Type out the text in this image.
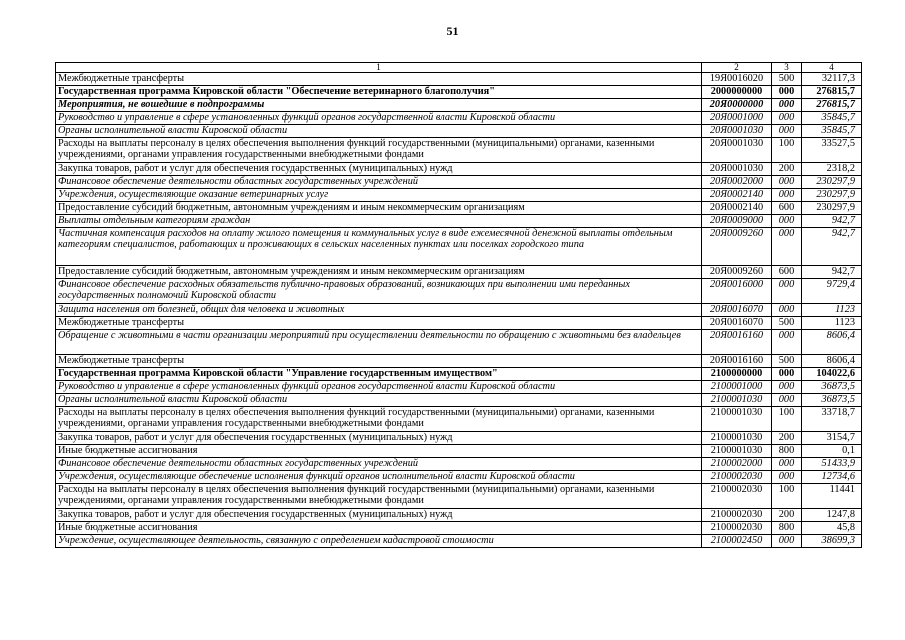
51
1	2	3	4
Межбюджетные трансферты	19Я0016020	500	32117,3
Государственная программа Кировской области "Обеспечение ветеринарного благополучия"	2000000000	000	276815,7
Мероприятия, не вошедшие в подпрограммы	20Я0000000	000	276815,7
Руководство и управление в сфере установленных функций органов государственной власти Кировской области	20Я0001000	000	35845,7
Органы исполнительной власти Кировской области	20Я0001030	000	35845,7
Расходы на выплаты персоналу в целях обеспечения выполнения функций государственными (муниципальными) органами, казенными учреждениями, органами управления государственными внебюджетными фондами	20Я0001030	100	33527,5
Закупка товаров, работ и услуг для обеспечения государственных (муниципальных) нужд	20Я0001030	200	2318,2
Финансовое обеспечение деятельности областных государственных учреждений	20Я0002000	000	230297,9
Учреждения, осуществляющие оказание ветеринарных услуг	20Я0002140	000	230297,9
Предоставление субсидий бюджетным, автономным учреждениям и иным некоммерческим организациям	20Я0002140	600	230297,9
Выплаты отдельным категориям граждан	20Я0009000	000	942,7
Частичная компенсация расходов на оплату жилого помещения и коммунальных услуг в виде ежемесячной денежной выплаты отдельным категориям специалистов, работающих и проживающих в сельских населенных пунктах или поселках городского типа	20Я0009260	000	942,7
Предоставление субсидий бюджетным, автономным учреждениям и иным некоммерческим организациям	20Я0009260	600	942,7
Финансовое обеспечение расходных обязательств публично-правовых образований, возникающих при выполнении ими переданных государственных полномочий Кировской области	20Я0016000	000	9729,4
Защита населения от болезней, общих для человека и животных	20Я0016070	000	1123
Межбюджетные трансферты	20Я0016070	500	1123
Обращение с животными в части организации мероприятий при осуществлении деятельности по обращению с животными без владельцев	20Я0016160	000	8606,4
Межбюджетные трансферты	20Я0016160	500	8606,4
Государственная программа Кировской области "Управление государственным имуществом"	2100000000	000	104022,6
Руководство и управление в сфере установленных функций органов государственной власти Кировской области	2100001000	000	36873,5
Органы исполнительной власти Кировской области	2100001030	000	36873,5
Расходы на выплаты персоналу в целях обеспечения выполнения функций государственными (муниципальными) органами, казенными учреждениями, органами управления государственными внебюджетными фондами	2100001030	100	33718,7
Закупка товаров, работ и услуг для обеспечения государственных (муниципальных) нужд	2100001030	200	3154,7
Иные бюджетные ассигнования	2100001030	800	0,1
Финансовое обеспечение деятельности областных государственных учреждений	2100002000	000	51433,9
Учреждения, осуществляющие обеспечение исполнения функций органов исполнительной власти Кировской области	2100002030	000	12734,6
Расходы на выплаты персоналу в целях обеспечения выполнения функций государственными (муниципальными) органами, казенными учреждениями, органами управления государственными внебюджетными фондами	2100002030	100	11441
Закупка товаров, работ и услуг для обеспечения государственных (муниципальных) нужд	2100002030	200	1247,8
Иные бюджетные ассигнования	2100002030	800	45,8
Учреждение, осуществляющее деятельность, связанную с определением кадастровой стоимости	2100002450	000	38699,3
